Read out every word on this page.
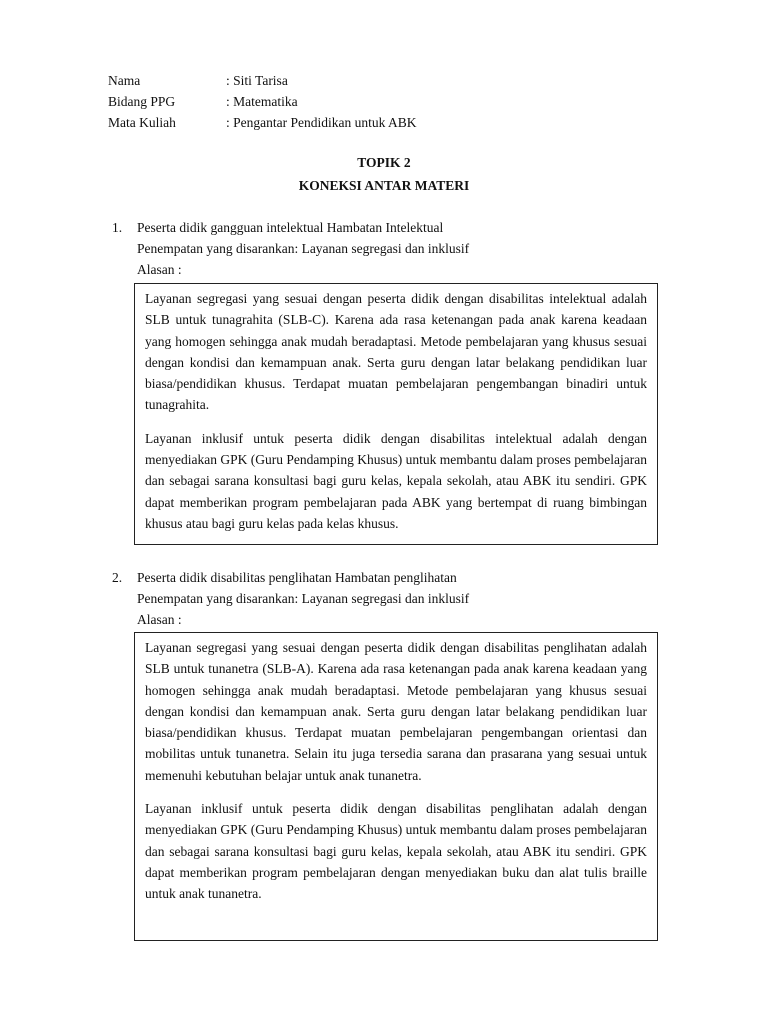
Nama	: Siti Tarisa
Bidang PPG	: Matematika
Mata Kuliah	: Pengantar Pendidikan untuk ABK
TOPIK 2
KONEKSI ANTAR MATERI
1. Peserta didik gangguan intelektual Hambatan Intelektual
Penempatan yang disarankan: Layanan segregasi dan inklusif
Alasan :

Layanan segregasi yang sesuai dengan peserta didik dengan disabilitas intelektual adalah SLB untuk tunagrahita (SLB-C). Karena ada rasa ketenangan pada anak karena keadaan yang homogen sehingga anak mudah beradaptasi. Metode pembelajaran yang khusus sesuai dengan kondisi dan kemampuan anak. Serta guru dengan latar belakang pendidikan luar biasa/pendidikan khusus. Terdapat muatan pembelajaran pengembangan binadiri untuk tunagrahita.

Layanan inklusif untuk peserta didik dengan disabilitas intelektual adalah dengan menyediakan GPK (Guru Pendamping Khusus) untuk membantu dalam proses pembelajaran dan sebagai sarana konsultasi bagi guru kelas, kepala sekolah, atau ABK itu sendiri. GPK dapat memberikan program pembelajaran pada ABK yang bertempat di ruang bimbingan khusus atau bagi guru kelas pada kelas khusus.

2. Peserta didik disabilitas penglihatan Hambatan penglihatan
Penempatan yang disarankan: Layanan segregasi dan inklusif
Alasan :

Layanan segregasi yang sesuai dengan peserta didik dengan disabilitas penglihatan adalah SLB untuk tunanetra (SLB-A). Karena ada rasa ketenangan pada anak karena keadaan yang homogen sehingga anak mudah beradaptasi. Metode pembelajaran yang khusus sesuai dengan kondisi dan kemampuan anak. Serta guru dengan latar belakang pendidikan luar biasa/pendidikan khusus. Terdapat muatan pembelajaran pengembangan orientasi dan mobilitas untuk tunanetra. Selain itu juga tersedia sarana dan prasarana yang sesuai untuk memenuhi kebutuhan belajar untuk anak tunanetra.

Layanan inklusif untuk peserta didik dengan disabilitas penglihatan adalah dengan menyediakan GPK (Guru Pendamping Khusus) untuk membantu dalam proses pembelajaran dan sebagai sarana konsultasi bagi guru kelas, kepala sekolah, atau ABK itu sendiri. GPK dapat memberikan program pembelajaran dengan menyediakan buku dan alat tulis braille untuk anak tunanetra.
